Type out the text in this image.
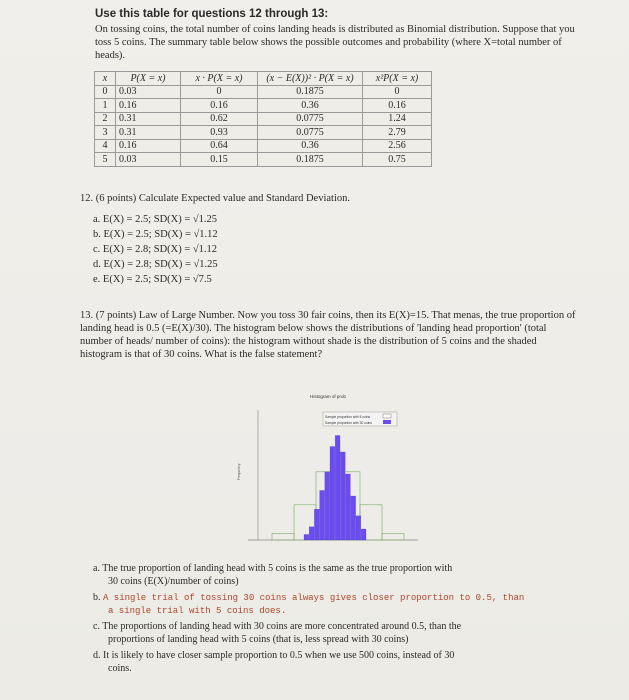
Use this table for questions 12 through 13:
On tossing coins, the total number of coins landing heads is distributed as Binomial distribution. Suppose that you toss 5 coins. The summary table below shows the possible outcomes and probability (where X=total number of heads).
x	P(X = x)	x · P(X = x)	(x − E(X))² · P(X = x)	x²P(X = x)
0	0.03	0	0.1875	0
1	0.16	0.16	0.36	0.16
2	0.31	0.62	0.0775	1.24
3	0.31	0.93	0.0775	2.79
4	0.16	0.64	0.36	2.56
5	0.03	0.15	0.1875	0.75
12. (6 points) Calculate Expected value and Standard Deviation.
a. E(X) = 2.5; SD(X) = √1.25
b. E(X) = 2.5; SD(X) = √1.12
c. E(X) = 2.8; SD(X) = √1.12
d. E(X) = 2.8; SD(X) = √1.25
e. E(X) = 2.5; SD(X) = √7.5
13. (7 points) Law of Large Number. Now you toss 30 fair coins, then its E(X)=15. That menas, the true proportion of landing head is 0.5 (=E(X)/30). The histogram below shows the distributions of 'landing head proportion' (total number of heads/ number of coins): the histogram without shade is the distribution of 5 coins and the shaded histogram is that of 30 coins. What is the false statement?
Histogram of prob
Sample proportion with 5 coins
Sample proportion with 30 coins
Frequency
a. The true proportion of landing head with 5 coins is the same as the true proportion with
30 coins (E(X)/number of coins)
b. A single trial of tossing 30 coins always gives closer proportion to 0.5, than
a single trial with 5 coins does.
c. The proportions of landing head with 30 coins are more concentrated around 0.5, than the
proportions of landing head with 5 coins (that is, less spread with 30 coins)
d. It is likely to have closer sample proportion to 0.5 when we use 500 coins, instead of 30
coins.
